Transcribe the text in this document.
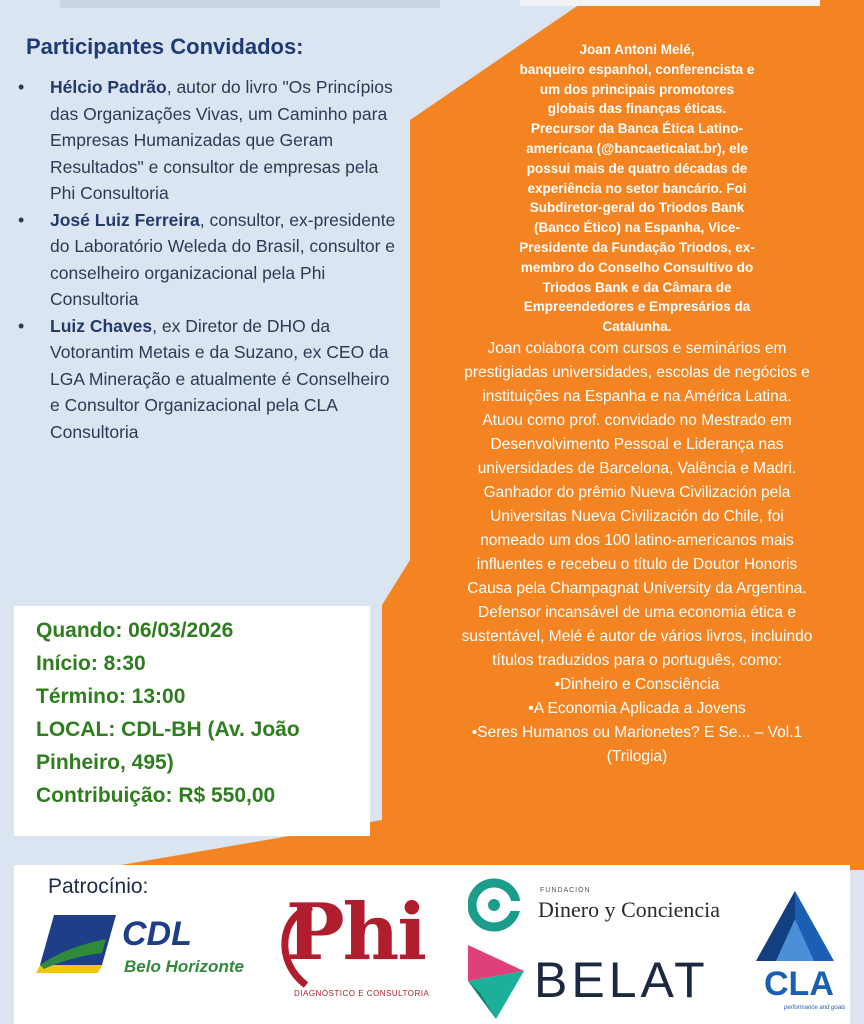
Participantes Convidados:
• Hélcio Padrão, autor do livro "Os Princípios das Organizações Vivas, um Caminho para Empresas Humanizadas que Geram Resultados" e consultor de empresas pela Phi Consultoria
• José Luiz Ferreira, consultor, ex-presidente do Laboratório Weleda do Brasil, consultor e conselheiro organizacional pela Phi Consultoria
• Luiz Chaves, ex Diretor de DHO da Votorantim Metais e da Suzano, ex CEO da LGA Mineração e atualmente é Conselheiro e Consultor Organizacional pela CLA Consultoria
Quando: 06/03/2026
Início: 8:30
Término: 13:00
LOCAL: CDL-BH (Av. João
Pinheiro, 495)
Contribuição: R$ 550,00

Joan Antoni Melé,

banqueiro espanhol, conferencista e

um dos principais promotores

globais das finanças éticas.

Precursor da Banca Ética Latino-

americana (@bancaeticalat.br), ele

possui mais de quatro décadas de

experiência no setor bancário. Foi

Subdiretor-geral do Triodos Bank

(Banco Ético) na Espanha, Vice-

Presidente da Fundação Triodos, ex-

membro do Conselho Consultivo do

Triodos Bank e da Câmara de

Empreendedores e Empresários da

Catalunha.

Joan colabora com cursos e seminários em

prestigiadas universidades, escolas de negócios e

instituições na Espanha e na América Latina.

Atuou como prof. convidado no Mestrado em

Desenvolvimento Pessoal e Liderança nas

universidades de Barcelona, Valência e Madri.

Ganhador do prêmio Nueva Civilización pela

Universitas Nueva Civilización do Chile, foi

nomeado um dos 100 latino-americanos mais

influentes e recebeu o título de Doutor Honoris

Causa pela Champagnat University da Argentina.

Defensor incansável de uma economia ética e

sustentável, Melé é autor de vários livros, incluindo

títulos traduzidos para o português, como:

•Dinheiro e Consciência

•A Economia Aplicada a Jovens

•Seres Humanos ou Marionetes? E Se... – Vol.1

(Trilogia)

Patrocínio:
CDL
Belo Horizonte Phi
DIAGNÓSTICO E CONSULTORIA
FUNDACIÓN
Dinero y Conciencia
BELAT CLA
performance and goals
